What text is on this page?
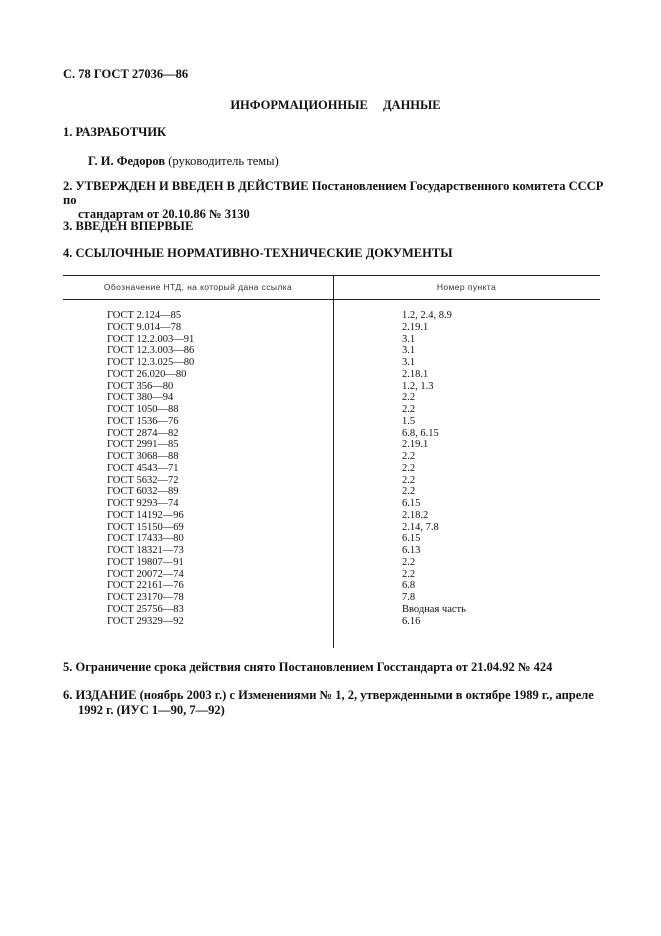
С. 78 ГОСТ 27036—86
ИНФОРМАЦИОННЫЕ ДАННЫЕ
1. РАЗРАБОТЧИК
Г. И. Федоров (руководитель темы)
2. УТВЕРЖДЕН И ВВЕДЕН В ДЕЙСТВИЕ Постановлением Государственного комитета СССР по
стандартам от 20.10.86 № 3130
3. ВВЕДЕН ВПЕРВЫЕ
4. ССЫЛОЧНЫЕ НОРМАТИВНО-ТЕХНИЧЕСКИЕ ДОКУМЕНТЫ
Обозначение НТД, на который дана ссылка	Номер пункта
ГОСТ 2.124—85	1.2, 2.4, 8.9
ГОСТ 9.014—78	2.19.1
ГОСТ 12.2.003—91	3.1
ГОСТ 12.3.003—86	3.1
ГОСТ 12.3.025—80	3.1
ГОСТ 26.020—80	2.18.1
ГОСТ 356—80	1.2, 1.3
ГОСТ 380—94	2.2
ГОСТ 1050—88	2.2
ГОСТ 1536—76	1.5
ГОСТ 2874—82	6.8, 6.15
ГОСТ 2991—85	2.19.1
ГОСТ 3068—88	2.2
ГОСТ 4543—71	2.2
ГОСТ 5632—72	2.2
ГОСТ 6032—89	2.2
ГОСТ 9293—74	6.15
ГОСТ 14192—96	2.18.2
ГОСТ 15150—69	2.14, 7.8
ГОСТ 17433—80	6.15
ГОСТ 18321—73	6.13
ГОСТ 19807—91	2.2
ГОСТ 20072—74	2.2
ГОСТ 22161—76	6.8
ГОСТ 23170—78	7.8
ГОСТ 25756—83	Вводная часть
ГОСТ 29329—92	6.16
5. Ограничение срока действия снято Постановлением Госстандарта от 21.04.92 № 424
6. ИЗДАНИЕ (ноябрь 2003 г.) с Изменениями № 1, 2, утвержденными в октябре 1989 г., апреле
1992 г. (ИУС 1—90, 7—92)
